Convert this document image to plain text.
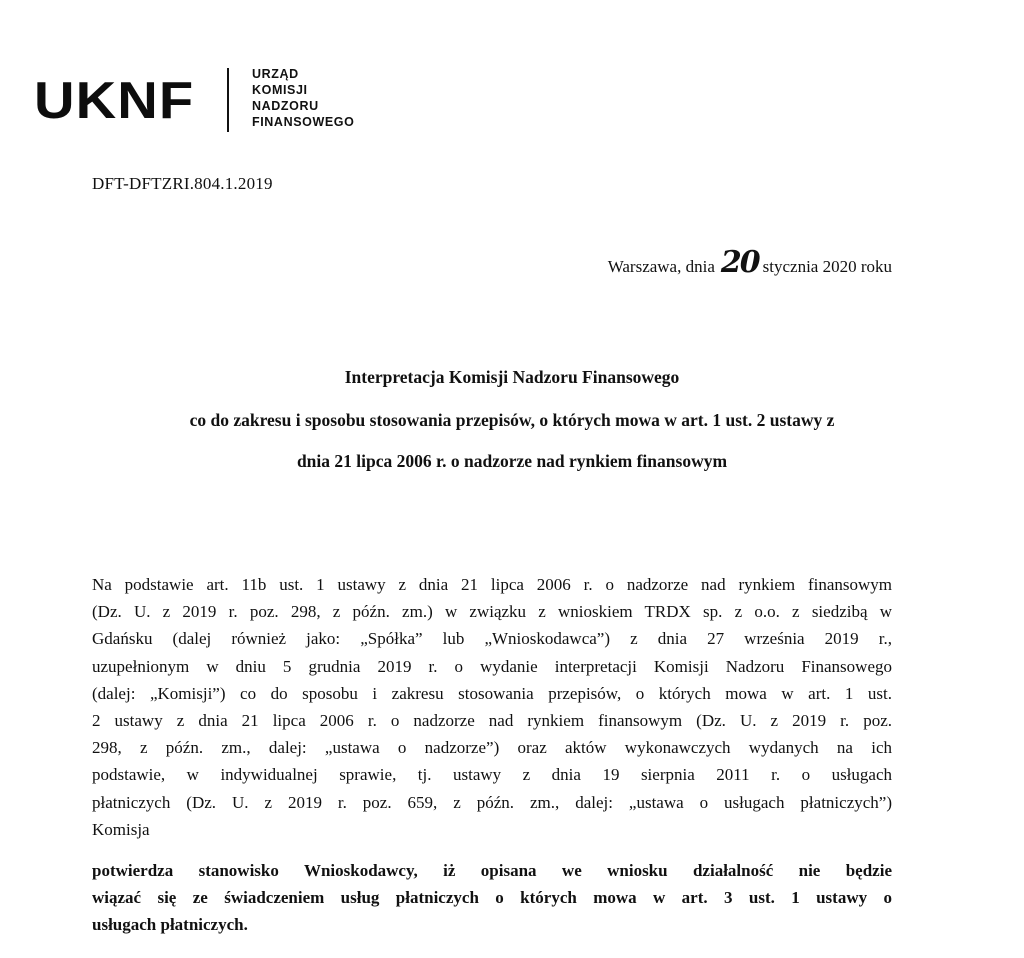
UKNF	URZĄD
KOMISJI
NADZORU
FINANSOWEGO
DFT-DFTZRI.804.1.2019
Warszawa, dnia 20 stycznia 2020 roku
Interpretacja Komisji Nadzoru Finansowego
co do zakresu i sposobu stosowania przepisów, o których mowa w art. 1 ust. 2 ustawy z
dnia 21 lipca 2006 r. o nadzorze nad rynkiem finansowym
Na podstawie art. 11b ust. 1 ustawy z dnia 21 lipca 2006 r. o nadzorze nad rynkiem finansowym
(Dz. U. z 2019 r. poz. 298, z późn. zm.) w związku z wnioskiem TRDX sp. z o.o. z siedzibą w
Gdańsku (dalej również jako: „Spółka” lub „Wnioskodawca”) z dnia 27 września 2019 r.,
uzupełnionym w dniu 5 grudnia 2019 r. o wydanie interpretacji Komisji Nadzoru Finansowego
(dalej: „Komisji”) co do sposobu i zakresu stosowania przepisów, o których mowa w art. 1 ust.
2 ustawy z dnia 21 lipca 2006 r. o nadzorze nad rynkiem finansowym (Dz. U. z 2019 r. poz.
298, z późn. zm., dalej: „ustawa o nadzorze”) oraz aktów wykonawczych wydanych na ich
podstawie, w indywidualnej sprawie, tj. ustawy z dnia 19 sierpnia 2011 r. o usługach
płatniczych (Dz. U. z 2019 r. poz. 659, z późn. zm., dalej: „ustawa o usługach płatniczych”)
Komisja
potwierdza stanowisko Wnioskodawcy, iż opisana we wniosku działalność nie będzie
wiązać się ze świadczeniem usług płatniczych o których mowa w art. 3 ust. 1 ustawy o
usługach płatniczych.
